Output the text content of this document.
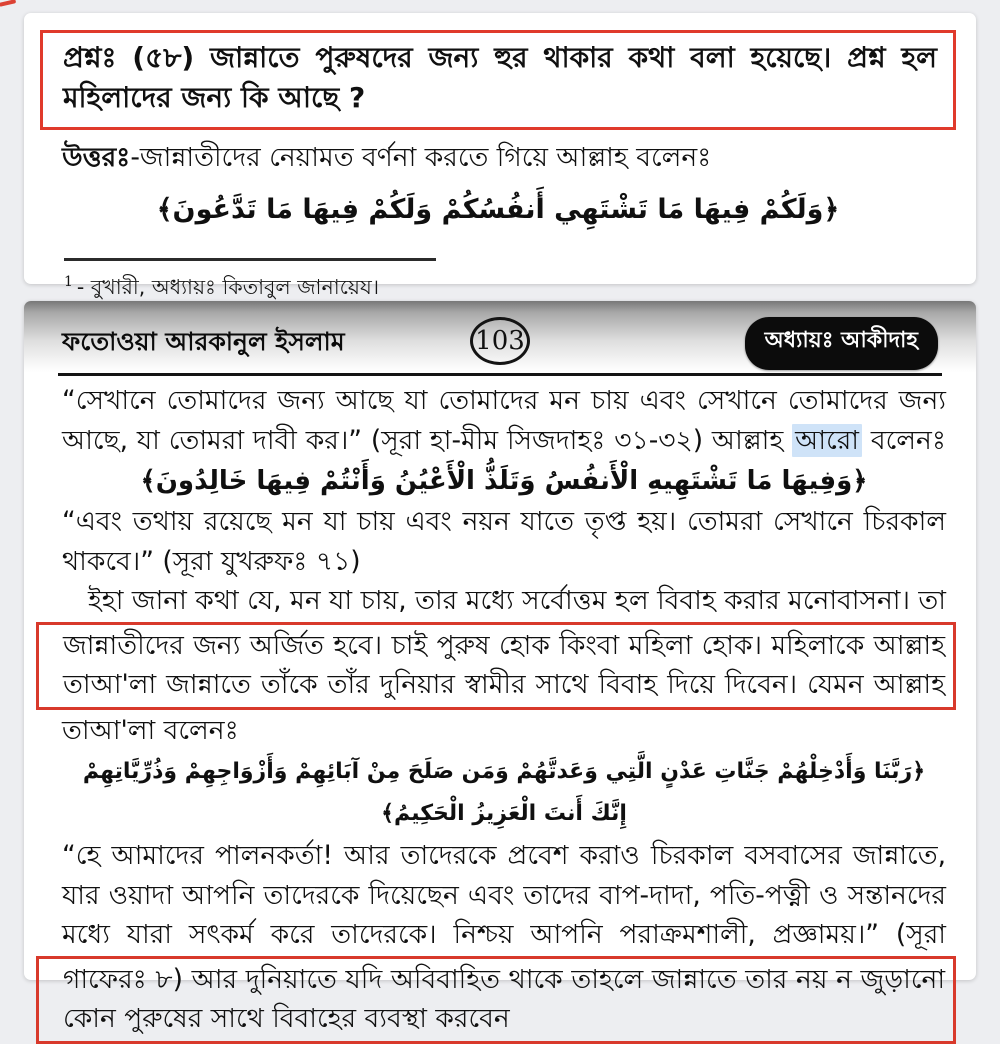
প্রশ্নঃ (৫৮) জান্নাতে পুরুষদের জন্য হুর থাকার কথা বলা হয়েছে। প্রশ্ন হল মহিলাদের জন্য কি আছে ?
উত্তরঃ-জান্নাতীদের নেয়ামত বর্ণনা করতে গিয়ে আল্লাহ বলেনঃ
﴿وَلَكُمْ فِيهَا مَا تَشْتَهِي أَنفُسُكُمْ وَلَكُمْ فِيهَا مَا تَدَّعُونَ﴾
$^1$ - বুখারী, অধ্যায়ঃ কিতাবুল জানায়েয।
ফতোওয়া আরকানুল ইসলাম	103	অধ্যায়ঃ আকীদাহ
“সেখানে তোমাদের জন্য আছে যা তোমাদের মন চায় এবং সেখানে তোমাদের জন্য
আছে, যা তোমরা দাবী কর।” (সূরা হা-মীম সিজদাহঃ ৩১-৩২) আল্লাহ আরো বলেনঃ
﴿وَفِيهَا مَا تَشْتَهِيهِ الْأَنفُسُ وَتَلَذُّ الْأَعْيُنُ وَأَنْتُمْ فِيهَا خَالِدُونَ﴾
“এবং তথায় রয়েছে মন যা চায় এবং নয়ন যাতে তৃপ্ত হয়। তোমরা সেখানে চিরকাল
থাকবে।” (সূরা যুখরুফঃ ৭১)
ইহা জানা কথা যে, মন যা চায়, তার মধ্যে সর্বোত্তম হল বিবাহ করার মনোবাসনা। তা
জান্নাতীদের জন্য অর্জিত হবে। চাই পুরুষ হোক কিংবা মহিলা হোক। মহিলাকে আল্লাহ
তাআ'লা জান্নাতে তাঁকে তাঁর দুনিয়ার স্বামীর সাথে বিবাহ দিয়ে দিবেন। যেমন আল্লাহ
তাআ'লা বলেনঃ
﴿رَبَّنَا وَأَدْخِلْهُمْ جَنَّاتِ عَدْنٍ الَّتِي وَعَدتَّهُمْ وَمَن صَلَحَ مِنْ آبَائِهِمْ وَأَزْوَاجِهِمْ وَذُرِّيَّاتِهِمْ إِنَّكَ أَنتَ الْعَزِيزُ الْحَكِيمُ﴾
“হে আমাদের পালনকর্তা! আর তাদেরকে প্রবেশ করাও চিরকাল বসবাসের জান্নাতে,
যার ওয়াদা আপনি তাদেরকে দিয়েছেন এবং তাদের বাপ-দাদা, পতি-পত্নী ও সন্তানদের
মধ্যে যারা সৎকর্ম করে তাদেরকে। নিশ্চয় আপনি পরাক্রমশালী, প্রজ্ঞাময়।” (সূরা
গাফেরঃ ৮) আর দুনিয়াতে যদি অবিবাহিত থাকে তাহলে জান্নাতে তার নয় ন জুড়ানো
কোন পুরুষের সাথে বিবাহের ব্যবস্থা করবেন
